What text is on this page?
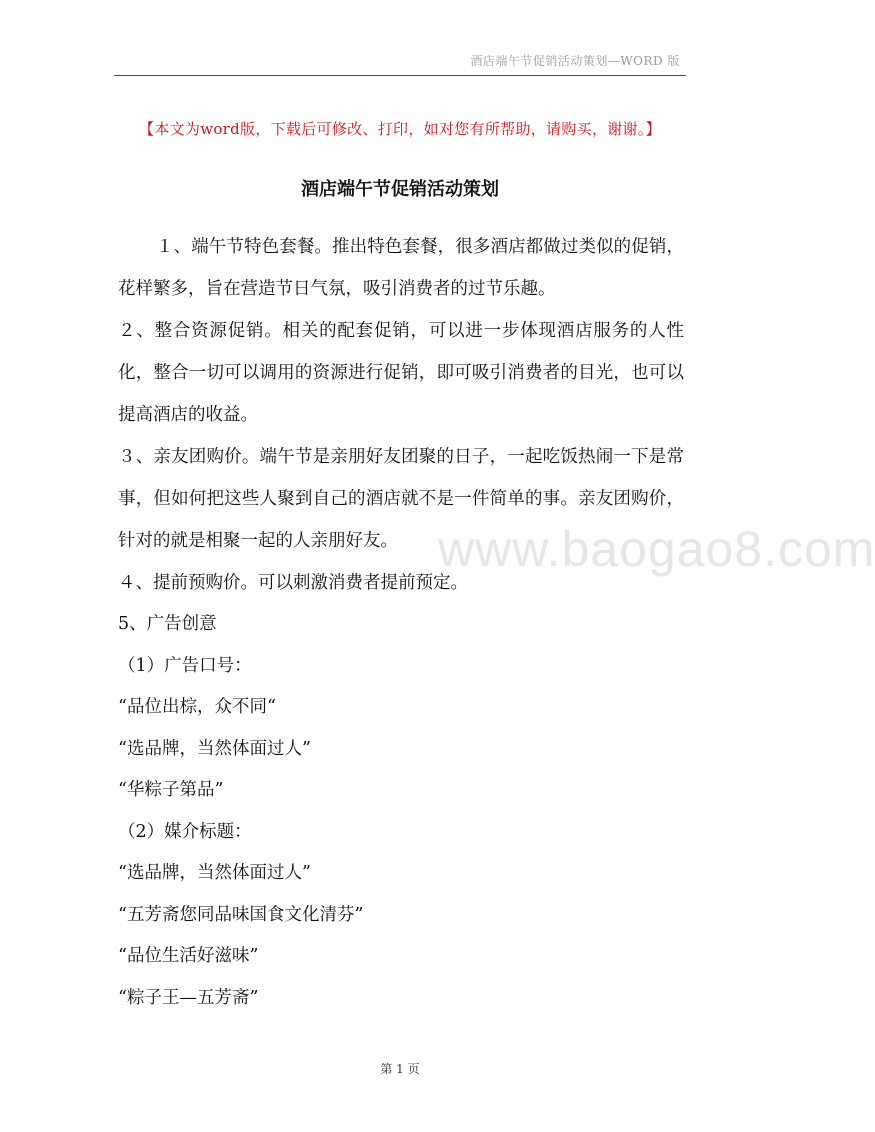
酒店端午节促销活动策划—WORD 版
【本文为word版，下载后可修改、打印，如对您有所帮助，请购买，谢谢。】
酒店端午节促销活动策划

１、端午节特色套餐。推出特色套餐，很多酒店都做过类似的促销，花样繁多，旨在营造节日气氛，吸引消费者的过节乐趣。

２、整合资源促销。相关的配套促销，可以进一步体现酒店服务的人性化，整合一切可以调用的资源进行促销，即可吸引消费者的目光，也可以提高酒店的收益。

３、亲友团购价。端午节是亲朋好友团聚的日子，一起吃饭热闹一下是常事，但如何把这些人聚到自己的酒店就不是一件简单的事。亲友团购价，针对的就是相聚一起的人亲朋好友。

４、提前预购价。可以刺激消费者提前预定。

5、广告创意

（1）广告口号：

“品位出棕，众不同“

“选品牌，当然体面过人”

“华粽子第品”

（2）媒介标题：

“选品牌，当然体面过人”

“五芳斋您同品味国食文化清芬”

“品位生活好滋味”

“粽子王—五芳斋”

www.baogao8.com
第 1 页
